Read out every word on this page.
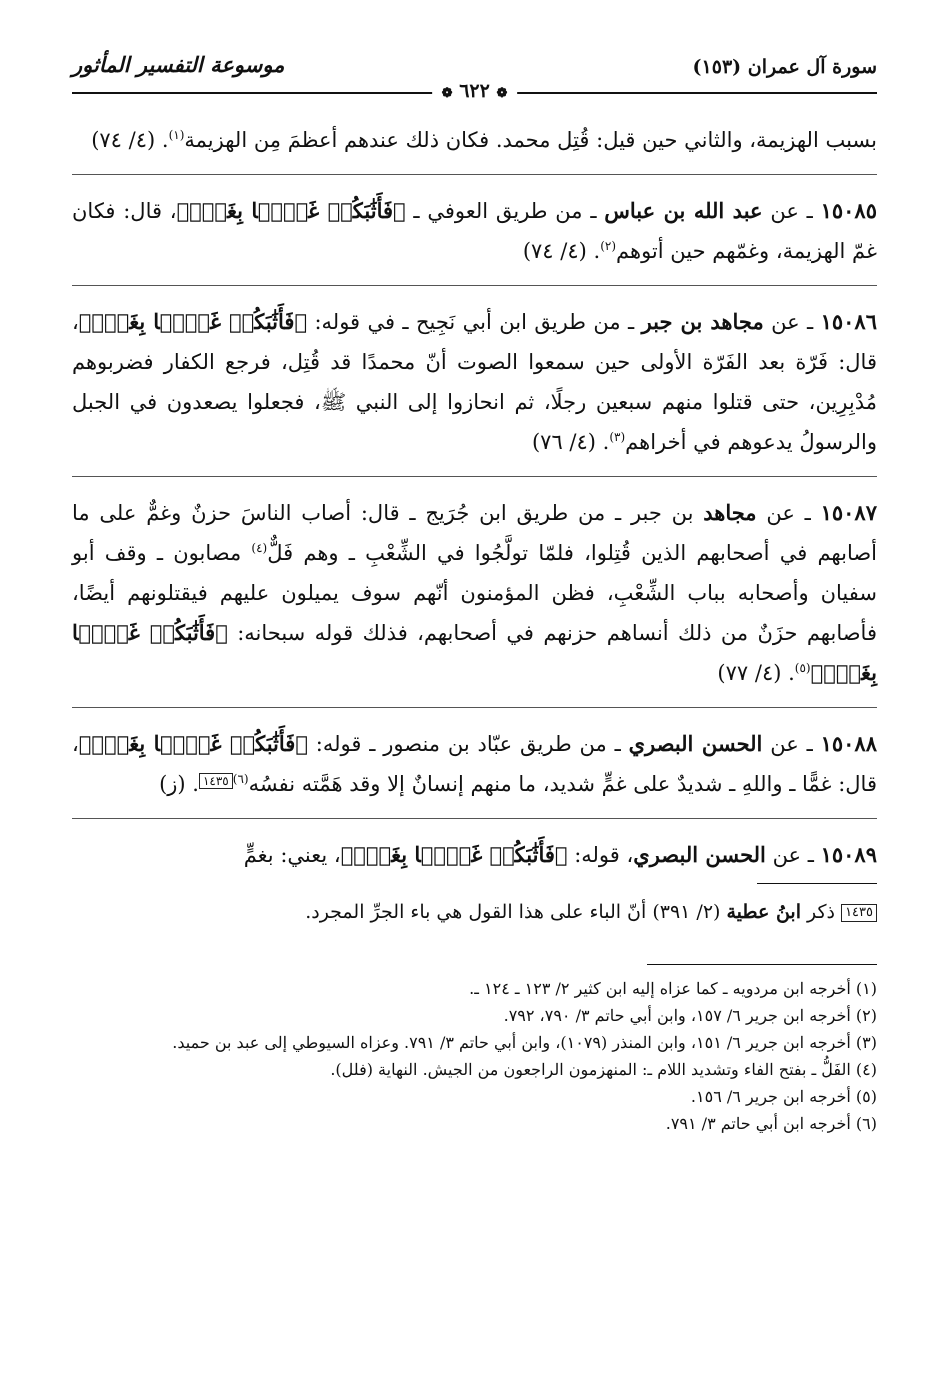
سورة آل عمران (١٥٣)
موسوعة التفسير المأثور
❁ ٦٢٢ ❁

بسبب الهزيمة، والثاني حين قيل: قُتِل محمد. فكان ذلك عندهم أعظمَ مِن الهزيمة$^{(١)}$. (٤/ ٧٤)

١٥٠٨٥ ـ عن عبد الله بن عباس ـ من طريق العوفي ـ ﴿فَأَثَٰبَكُمۡ غَمَّۢا بِغَمّٖ﴾، قال: فكان غمّ الهزيمة، وغمّهم حين أتوهم$^{(٢)}$. (٤/ ٧٤)

١٥٠٨٦ ـ عن مجاهد بن جبر ـ من طريق ابن أبي نَجِيح ـ في قوله: ﴿فَأَثَٰبَكُمۡ غَمَّۢا بِغَمّٖ﴾، قال: فَرّة بعد الفَرّة الأولى حين سمعوا الصوت أنّ محمدًا قد قُتِل، فرجع الكفار فضربوهم مُدْبِرِين، حتى قتلوا منهم سبعين رجلًا، ثم انحازوا إلى النبي ﷺ، فجعلوا يصعدون في الجبل والرسولُ يدعوهم في أخراهم$^{(٣)}$. (٤/ ٧٦)

١٥٠٨٧ ـ عن مجاهد بن جبر ـ من طريق ابن جُرَيج ـ قال: أصاب الناسَ حزنٌ وغمٌّ على ما أصابهم في أصحابهم الذين قُتِلوا، فلمّا تولَّجُوا في الشِّعْبِ ـ وهم فَلٌّ$^{(٤)}$ مصابون ـ وقف أبو سفيان وأصحابه بباب الشِّعْبِ، فظن المؤمنون أنّهم سوف يميلون عليهم فيقتلونهم أيضًا، فأصابهم حزَنٌ من ذلك أنساهم حزنهم في أصحابهم، فذلك قوله سبحانه: ﴿فَأَثَٰبَكُمۡ غَمَّۢا بِغَمّٖ﴾$^{(٥)}$. (٤/ ٧٧)

١٥٠٨٨ ـ عن الحسن البصري ـ من طريق عبّاد بن منصور ـ قوله: ﴿فَأَثَٰبَكُمۡ غَمَّۢا بِغَمّٖ﴾، قال: غمًّا ـ واللهِ ـ شديدٌ على غمٍّ شديد، ما منهم إنسانٌ إلا وقد هَمَّته نفسُه$^{(٦)}$١٤٣٥. (ز)

١٥٠٨٩ ـ عن الحسن البصري، قوله: ﴿فَأَثَٰبَكُمۡ غَمَّۢا بِغَمّٖ﴾، يعني: بغمٍّ

١٤٣٥ ذكر ابنُ عطية (٢/ ٣٩١) أنّ الباء على هذا القول هي باء الجرِّ المجرد.

(١) أخرجه ابن مردويه ـ كما عزاه إليه ابن كثير ٢/ ١٢٣ ـ ١٢٤ ـ.

(٢) أخرجه ابن جرير ٦/ ١٥٧، وابن أبي حاتم ٣/ ٧٩٠، ٧٩٢.

(٣) أخرجه ابن جرير ٦/ ١٥١، وابن المنذر (١٠٧٩)، وابن أبي حاتم ٣/ ٧٩١. وعزاه السيوطي إلى عبد بن حميد.

(٤) الفَلُّ ـ بفتح الفاء وتشديد اللام ـ: المنهزمون الراجعون من الجيش. النهاية (فلل).

(٥) أخرجه ابن جرير ٦/ ١٥٦.

(٦) أخرجه ابن أبي حاتم ٣/ ٧٩١.
